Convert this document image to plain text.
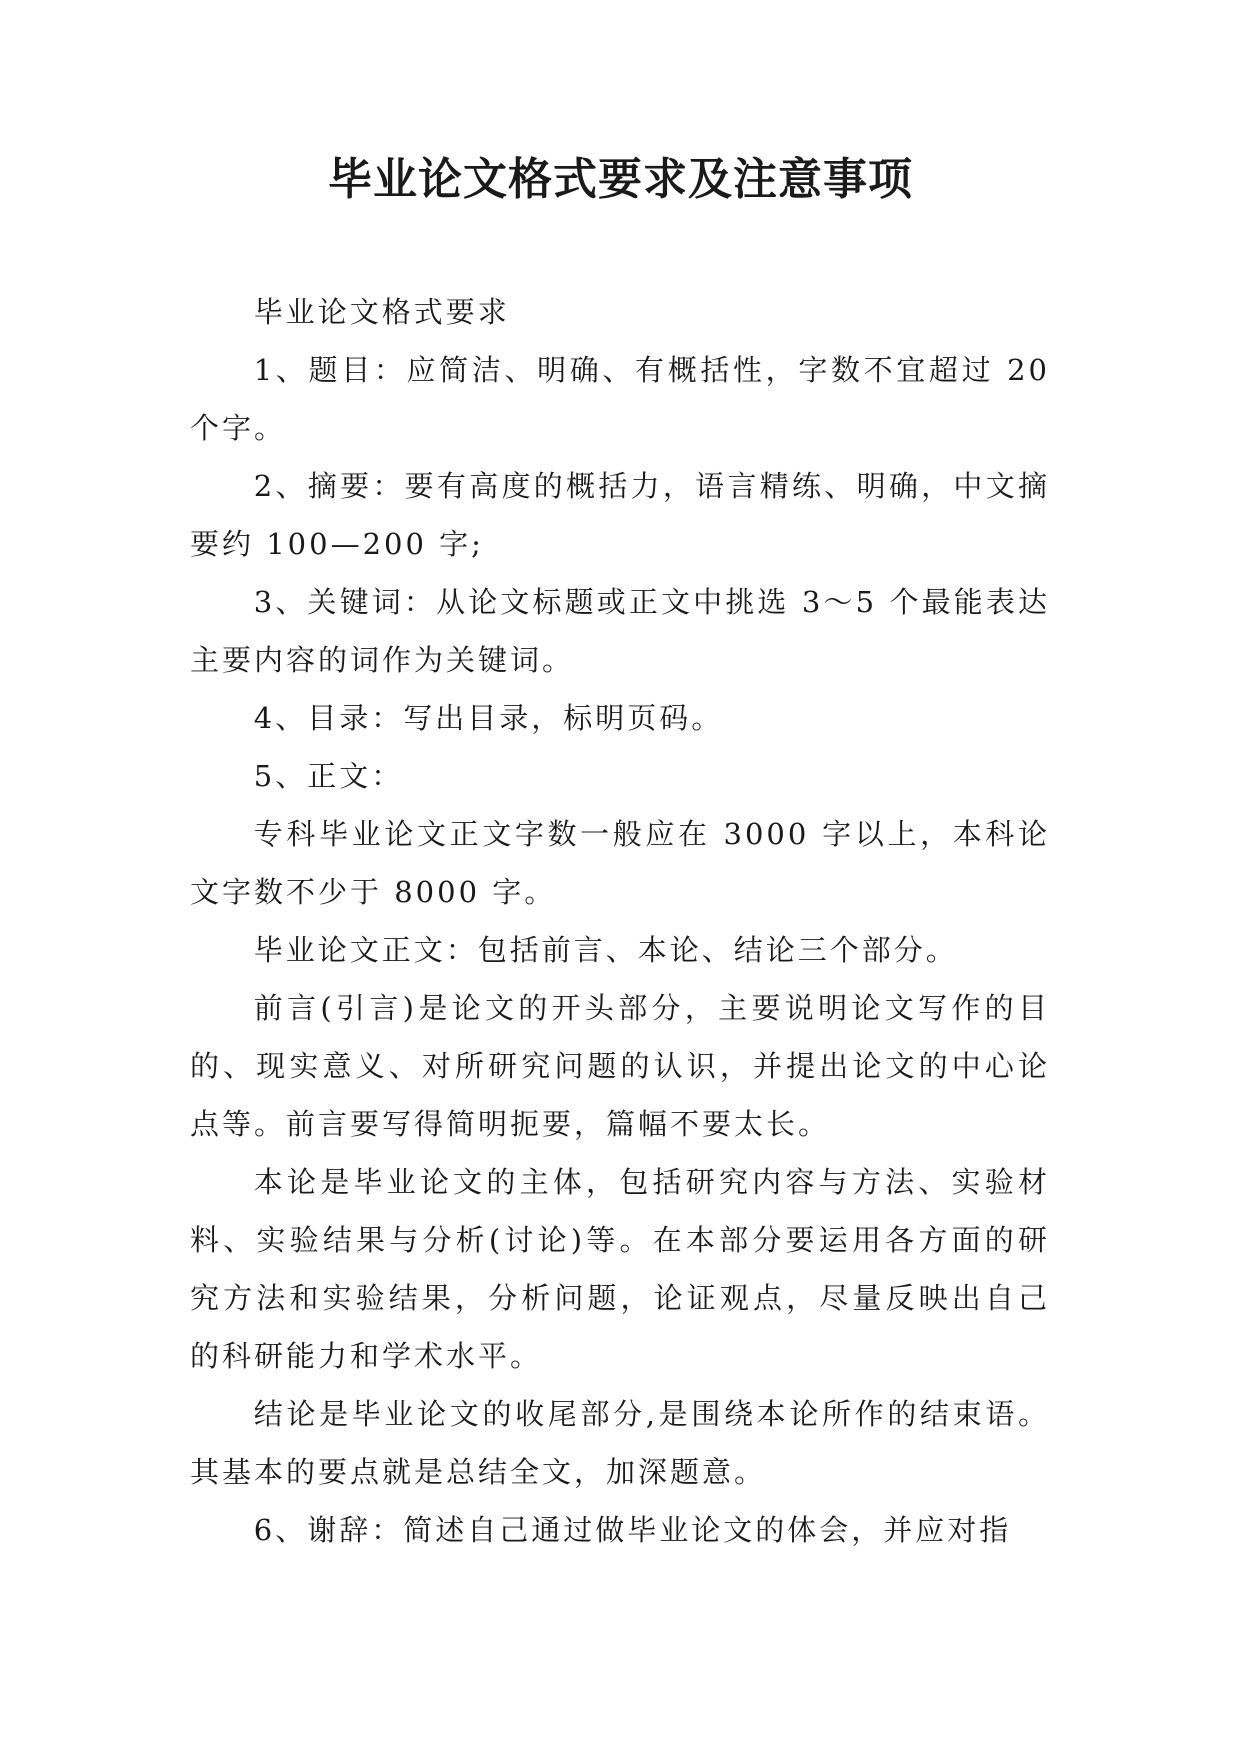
毕业论文格式要求及注意事项

毕业论文格式要求

1、题目：应简洁、明确、有概括性，字数不宜超过 20 个字。

2、摘要：要有高度的概括力，语言精练、明确，中文摘要约 100—200 字;

3、关键词：从论文标题或正文中挑选 3～5 个最能表达主要内容的词作为关键词。

4、目录：写出目录，标明页码。

5、正文：

专科毕业论文正文字数一般应在 3000 字以上，本科论文字数不少于 8000 字。

毕业论文正文：包括前言、本论、结论三个部分。

前言(引言)是论文的开头部分，主要说明论文写作的目的、现实意义、对所研究问题的认识，并提出论文的中心论点等。前言要写得简明扼要，篇幅不要太长。

本论是毕业论文的主体，包括研究内容与方法、实验材料、实验结果与分析(讨论)等。在本部分要运用各方面的研究方法和实验结果，分析问题，论证观点，尽量反映出自己的科研能力和学术水平。

结论是毕业论文的收尾部分,是围绕本论所作的结束语。其基本的要点就是总结全文，加深题意。

6、谢辞：简述自己通过做毕业论文的体会，并应对指
